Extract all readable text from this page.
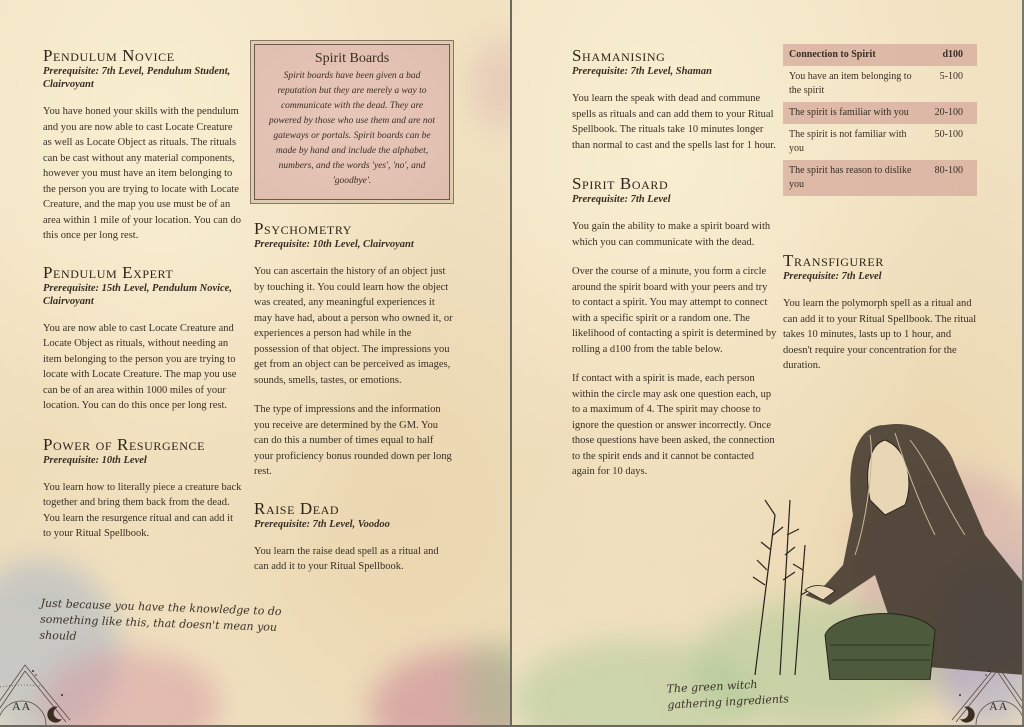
Pendulum Novice

Prerequisite: 7th Level, Pendulum Student, Clairvoyant

You have honed your skills with the pendulum and you are now able to cast Locate Creature as well as Locate Object as rituals. The rituals can be cast without any material components, however you must have an item belonging to the person you are trying to locate with Locate Creature, and the map you use must be of an area within 1 mile of your location. You can do this once per long rest.

Pendulum Expert

Prerequisite: 15th Level, Pendulum Novice, Clairvoyant

You are now able to cast Locate Creature and Locate Object as rituals, without needing an item belonging to the person you are trying to locate with Locate Creature. The map you use can be of an area within 1000 miles of your location. You can do this once per long rest.

Power of Resurgence

Prerequisite: 10th Level

You learn how to literally piece a creature back together and bring them back from the dead. You learn the resurgence ritual and can add it to your Ritual Spellbook.

Spirit Boards

Spirit boards have been given a bad reputation but they are merely a way to communicate with the dead. They are powered by those who use them and are not gateways or portals. Spirit boards can be made by hand and include the alphabet, numbers, and the words 'yes', 'no', and 'goodbye'.

Psychometry

Prerequisite: 10th Level, Clairvoyant

You can ascertain the history of an object just by touching it. You could learn how the object was created, any meaningful experiences it may have had, about a person who owned it, or experiences a person had while in the possession of that object. The impressions you get from an object can be perceived as images, sounds, smells, tastes, or emotions.

The type of impressions and the information you receive are determined by the GM. You can do this a number of times equal to half your proficiency bonus rounded down per long rest.

Raise Dead

Prerequisite: 7th Level, Voodoo

You learn the raise dead spell as a ritual and can add it to your Ritual Spellbook.

Just because you have the knowledge to do something like this, that doesn't mean you should
AA
Shamanising

Prerequisite: 7th Level, Shaman

You learn the speak with dead and commune spells as rituals and can add them to your Ritual Spellbook. The rituals take 10 minutes longer than normal to cast and the spells last for 1 hour.

Spirit Board

Prerequisite: 7th Level

You gain the ability to make a spirit board with which you can communicate with the dead.

Over the course of a minute, you form a circle around the spirit board with your peers and try to contact a spirit. You may attempt to connect with a specific spirit or a random one. The likelihood of contacting a spirit is determined by rolling a d100 from the table below.

If contact with a spirit is made, each person within the circle may ask one question each, up to a maximum of 4. The spirit may choose to ignore the question or answer incorrectly. Once those questions have been asked, the connection to the spirit ends and it cannot be contacted again for 10 days.

Connection to Spirit	d100
You have an item belonging to the spirit	5-100
The spirit is familiar with you	20-100
The spirit is not familiar with you	50-100
The spirit has reason to dislike you	80-100
Transfigurer

Prerequisite: 7th Level

You learn the polymorph spell as a ritual and can add it to your Ritual Spellbook. The ritual takes 10 minutes, lasts up to 1 hour, and doesn't require your concentration for the duration.

The green witch gathering ingredients	AA
